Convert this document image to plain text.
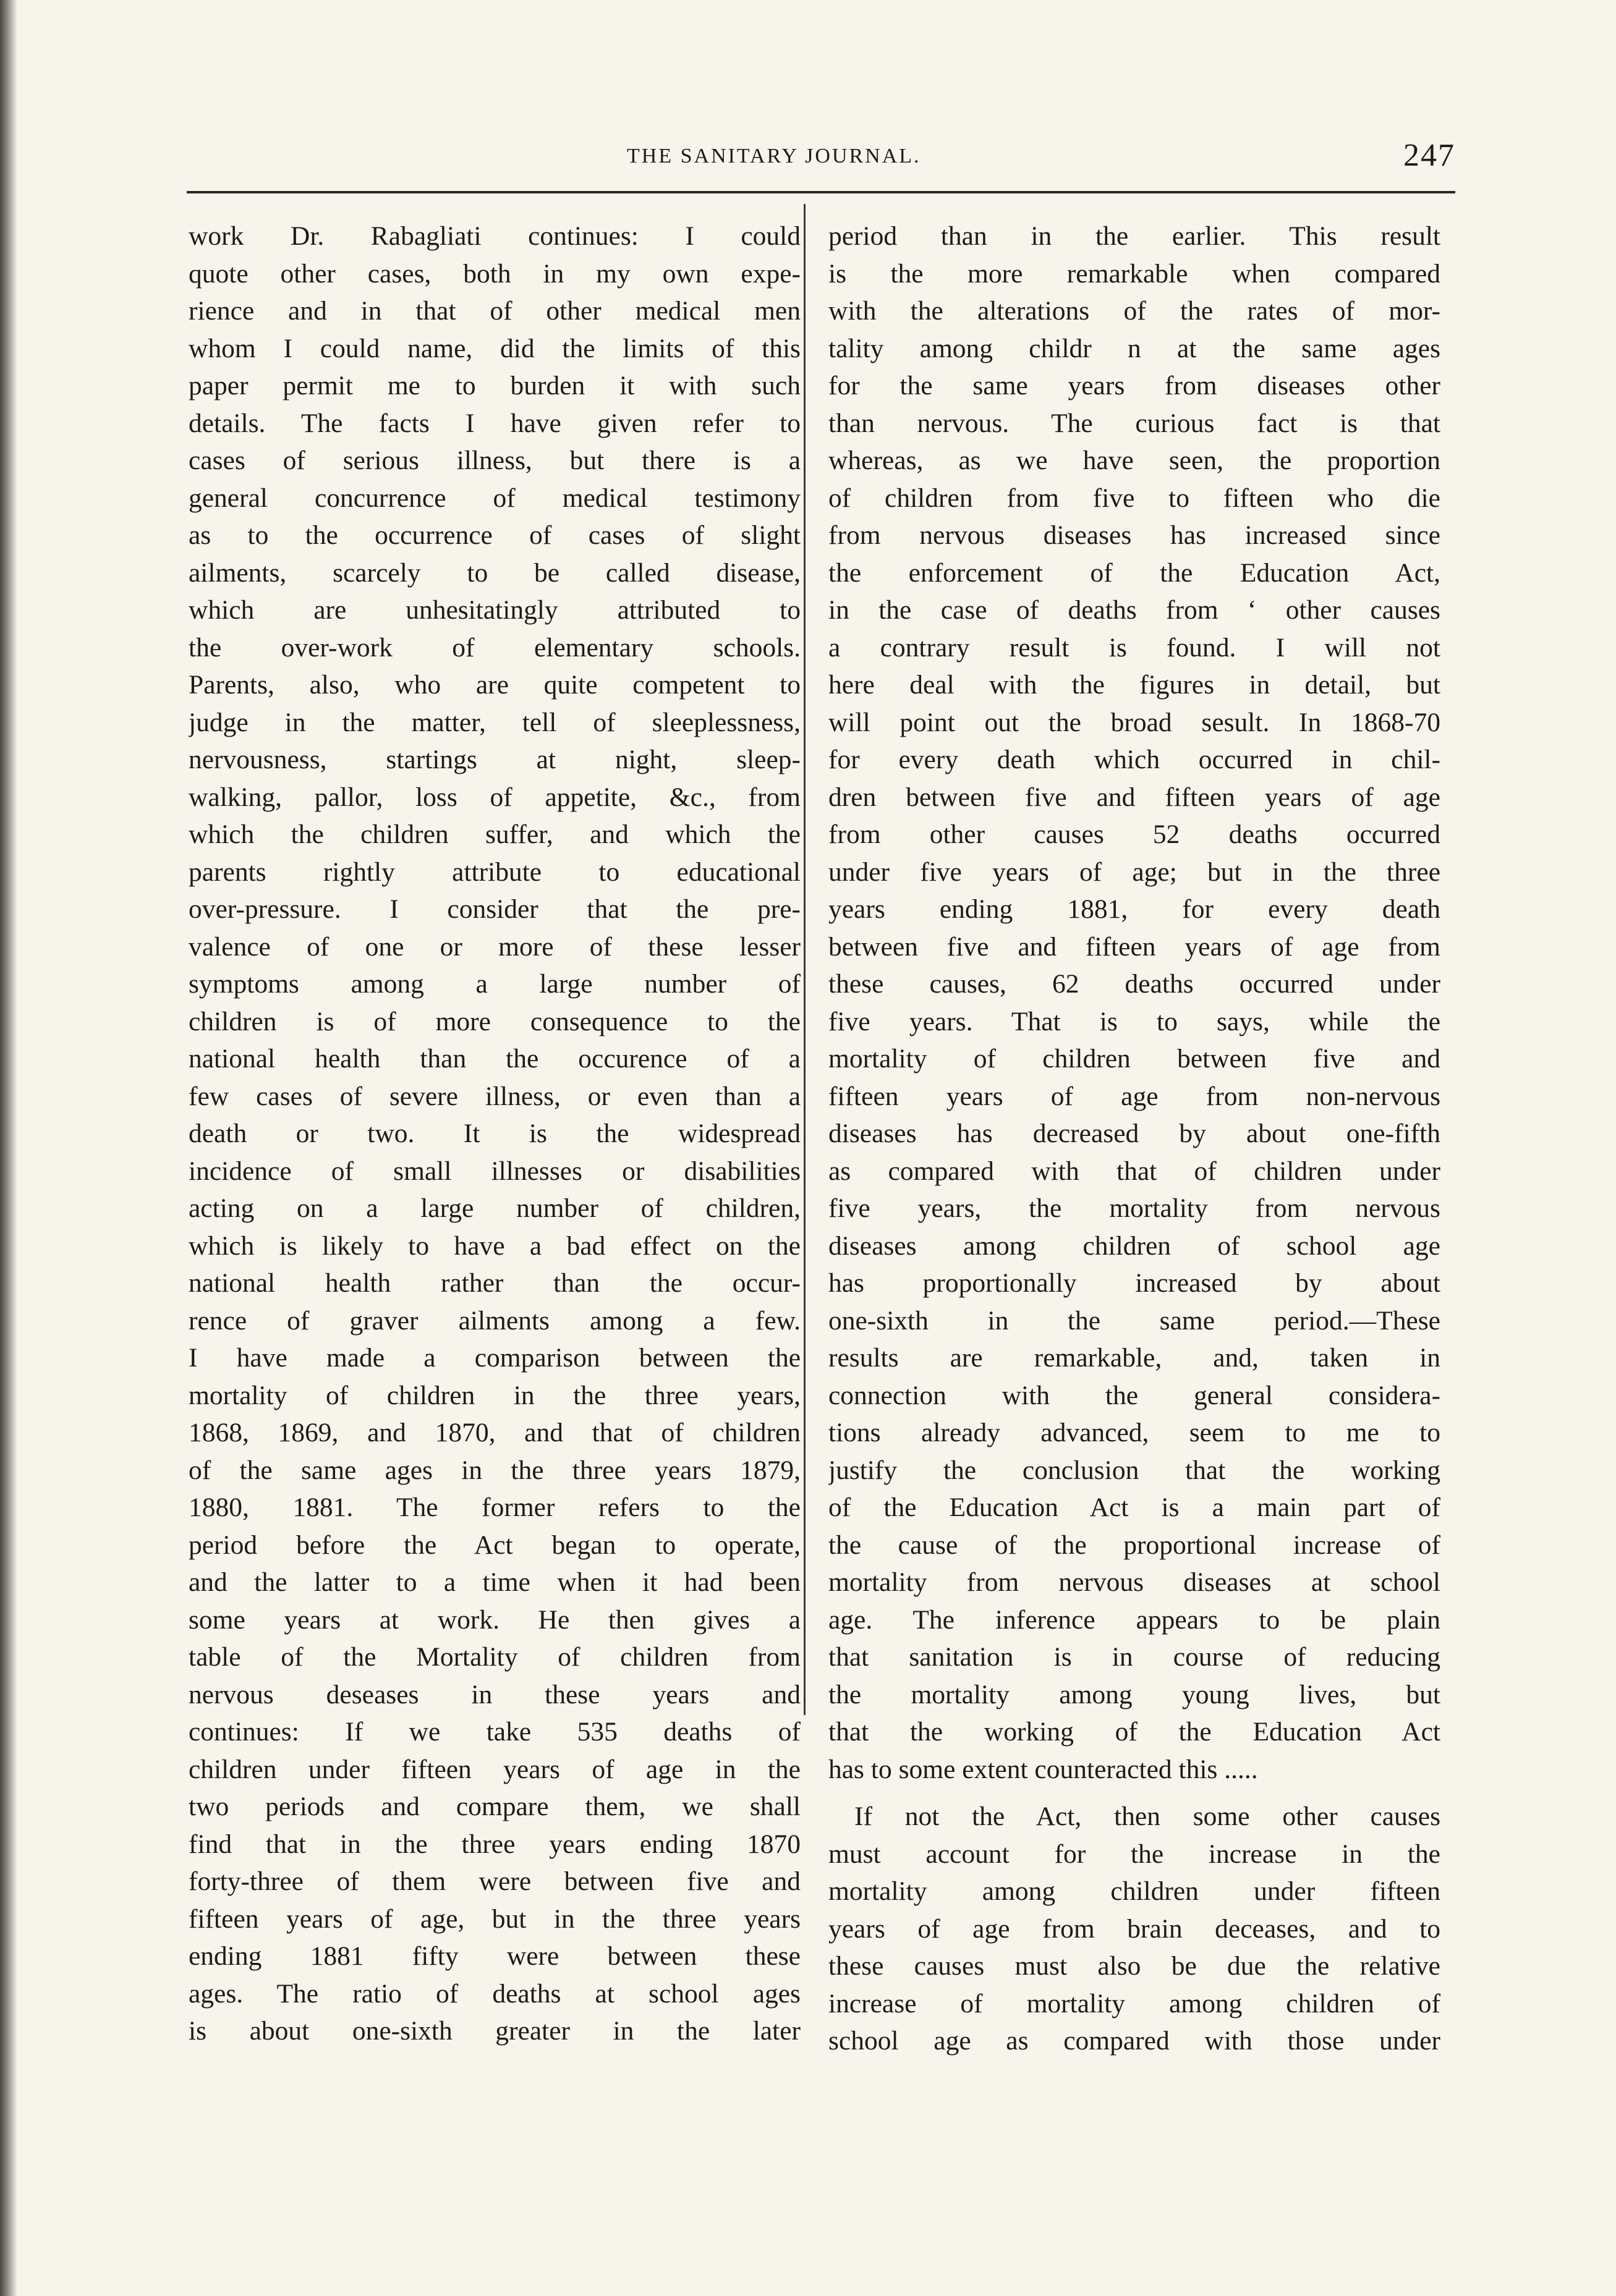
THE SANITARY JOURNAL.	247
work Dr. Rabagliati continues: I could
quote other cases, both in my own expe-
rience and in that of other medical men
whom I could name, did the limits of this
paper permit me to burden it with such
details. The facts I have given refer to
cases of serious illness, but there is a
general concurrence of medical testimony
as to the occurrence of cases of slight
ailments, scarcely to be called disease,
which are unhesitatingly attributed to
the over-work of elementary schools.
Parents, also, who are quite competent to
judge in the matter, tell of sleeplessness,
nervousness, startings at night, sleep-
walking, pallor, loss of appetite, &c., from
which the children suffer, and which the
parents rightly attribute to educational
over-pressure. I consider that the pre-
valence of one or more of these lesser
symptoms among a large number of
children is of more consequence to the
national health than the occurence of a
few cases of severe illness, or even than a
death or two. It is the widespread
incidence of small illnesses or disabilities
acting on a large number of children,
which is likely to have a bad effect on the
national health rather than the occur-
rence of graver ailments among a few.
I have made a comparison between the
mortality of children in the three years,
1868, 1869, and 1870, and that of children
of the same ages in the three years 1879,
1880, 1881. The former refers to the
period before the Act began to operate,
and the latter to a time when it had been
some years at work. He then gives a
table of the Mortality of children from
nervous deseases in these years and
continues: If we take 535 deaths of
children under fifteen years of age in the
two periods and compare them, we shall
find that in the three years ending 1870
forty-three of them were between five and
fifteen years of age, but in the three years
ending 1881 fifty were between these
ages. The ratio of deaths at school ages
is about one-sixth greater in the later
period than in the earlier. This result
is the more remarkable when compared
with the alterations of the rates of mor-
tality among childr n at the same ages
for the same years from diseases other
than nervous. The curious fact is that
whereas, as we have seen, the proportion
of children from five to fifteen who die
from nervous diseases has increased since
the enforcement of the Education Act,
in the case of deaths from ‘ other causes
a contrary result is found. I will not
here deal with the figures in detail, but
will point out the broad sesult. In 1868-70
for every death which occurred in chil-
dren between five and fifteen years of age
from other causes 52 deaths occurred
under five years of age; but in the three
years ending 1881, for every death
between five and fifteen years of age from
these causes, 62 deaths occurred under
five years. That is to says, while the
mortality of children between five and
fifteen years of age from non-nervous
diseases has decreased by about one-fifth
as compared with that of children under
five years, the mortality from nervous
diseases among children of school age
has proportionally increased by about
one-sixth in the same period.—These
results are remarkable, and, taken in
connection with the general considera-
tions already advanced, seem to me to
justify the conclusion that the working
of the Education Act is a main part of
the cause of the proportional increase of
mortality from nervous diseases at school
age. The inference appears to be plain
that sanitation is in course of reducing
the mortality among young lives, but
that the working of the Education Act
has to some extent counteracted this .....
If not the Act, then some other causes
must account for the increase in the
mortality among children under fifteen
years of age from brain deceases, and to
these causes must also be due the relative
increase of mortality among children of
school age as compared with those under
